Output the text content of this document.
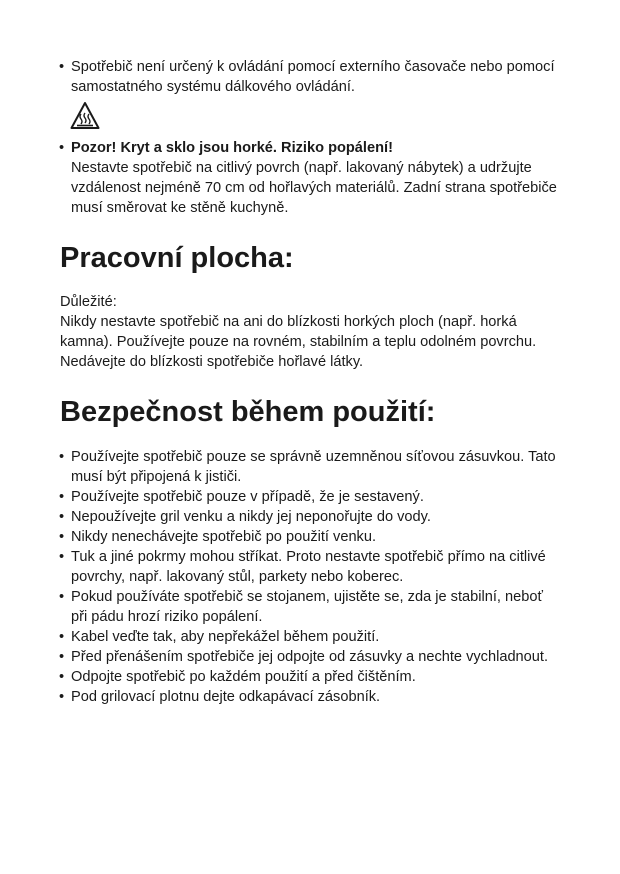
• Spotřebič není určený k ovládání pomocí externího časovače nebo pomocí samostatného systému dálkového ovládání.
• Pozor! Kryt a sklo jsou horké. Riziko popálení!
Nestavte spotřebič na citlivý povrch (např. lakovaný nábytek) a udržujte vzdálenost nejméně 70 cm od hořlavých materiálů. Zadní strana spotřebiče musí směrovat ke stěně kuchyně.
Pracovní plocha:

Důležité:

Nikdy nestavte spotřebič na ani do blízkosti horkých ploch (např. horká kamna). Používejte pouze na rovném, stabilním a teplu odolném povrchu. Nedávejte do blízkosti spotřebiče hořlavé látky.

Bezpečnost během použití:
• Používejte spotřebič pouze se správně uzemněnou síťovou zásuvkou. Tato musí být připojená k jističi.
• Používejte spotřebič pouze v případě, že je sestavený.
• Nepoužívejte gril venku a nikdy jej neponořujte do vody.
• Nikdy nenechávejte spotřebič po použití venku.
• Tuk a jiné pokrmy mohou stříkat. Proto nestavte spotřebič přímo na citlivé povrchy, např. lakovaný stůl, parkety nebo koberec.
• Pokud používáte spotřebič se stojanem, ujistěte se, zda je stabilní, neboť při pádu hrozí riziko popálení.
• Kabel veďte tak, aby nepřekážel během použití.
• Před přenášením spotřebiče jej odpojte od zásuvky a nechte vychladnout.
• Odpojte spotřebič po každém použití a před čištěním.
• Pod grilovací plotnu dejte odkapávací zásobník.
